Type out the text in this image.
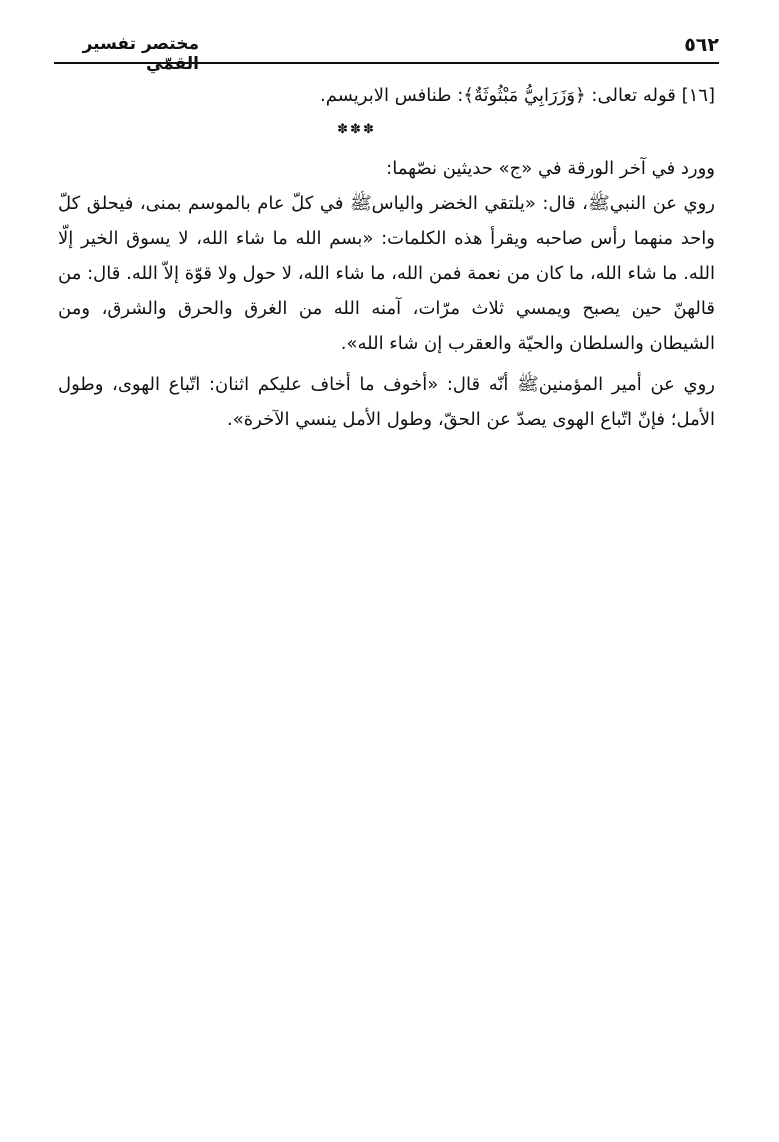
٥٦٢
مختصر تفسير القمّي

[١٦] قوله تعالى: ﴿وَزَرَابِيُّ مَبْثُوثَةٌ﴾: طنافس الابريسم.

✽✽✽

وورد في آخر الورقة في «ج» حديثين نصّهما:

روي عن النبيﷺ، قال: «يلتقي الخضر والياسﷺ في كلّ عام بالموسم بمنى، فيحلق كلّ واحد منهما رأس صاحبه ويقرأ هذه الكلمات: «بسم الله ما شاء الله، لا يسوق الخير إلّا الله. ما شاء الله، ما كان من نعمة فمن الله، ما شاء الله، لا حول ولا قوّة إلاّ الله. قال: من قالهنّ حين يصبح ويمسي ثلاث مرّات، آمنه الله من الغرق والحرق والشرق، ومن الشيطان والسلطان والحيّة والعقرب إن شاء الله».

روي عن أمير المؤمنينﷺ أنّه قال: «أخوف ما أخاف عليكم اثنان: اتّباع الهوى، وطول الأمل؛ فإنّ اتّباع الهوى يصدّ عن الحقّ، وطول الأمل ينسي الآخرة».
